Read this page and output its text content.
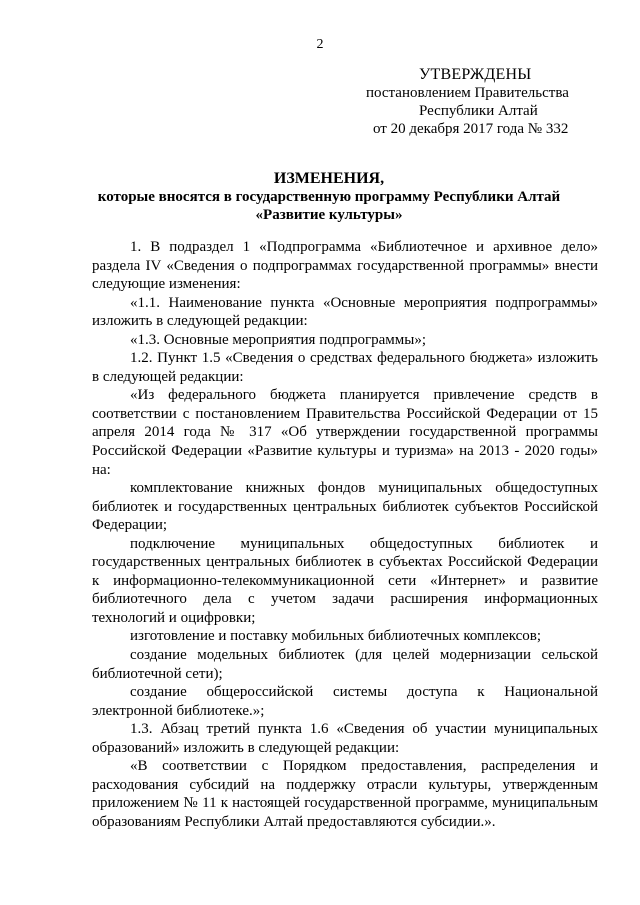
2
УТВЕРЖДЕНЫ
постановлением Правительства
Республики Алтай
от 20 декабря 2017 года № 332
ИЗМЕНЕНИЯ,
которые вносятся в государственную программу Республики Алтай
«Развитие культуры»

1. В подраздел 1 «Подпрограмма «Библиотечное и архивное дело» раздела IV «Сведения о подпрограммах государственной программы» внести следующие изменения:

«1.1. Наименование пункта «Основные мероприятия подпрограммы» изложить в следующей редакции:

«1.3. Основные мероприятия подпрограммы»;

1.2. Пункт 1.5 «Сведения о средствах федерального бюджета» изложить в следующей редакции:

«Из федерального бюджета планируется привлечение средств в соответствии с постановлением Правительства Российской Федерации от 15 апреля 2014 года № 317 «Об утверждении государственной программы Российской Федерации «Развитие культуры и туризма» на 2013 - 2020 годы» на:

комплектование книжных фондов муниципальных общедоступных библиотек и государственных центральных библиотек субъектов Российской Федерации;

подключение муниципальных общедоступных библиотек и государственных центральных библиотек в субъектах Российской Федерации к информационно-телекоммуникационной сети «Интернет» и развитие библиотечного дела с учетом задачи расширения информационных технологий и оцифровки;

изготовление и поставку мобильных библиотечных комплексов;

создание модельных библиотек (для целей модернизации сельской библиотечной сети);

создание общероссийской системы доступа к Национальной электронной библиотеке.»;

1.3. Абзац третий пункта 1.6 «Сведения об участии муниципальных образований» изложить в следующей редакции:

«В соответствии с Порядком предоставления, распределения и расходования субсидий на поддержку отрасли культуры, утвержденным приложением № 11 к настоящей государственной программе, муниципальным образованиям Республики Алтай предоставляются субсидии.».
